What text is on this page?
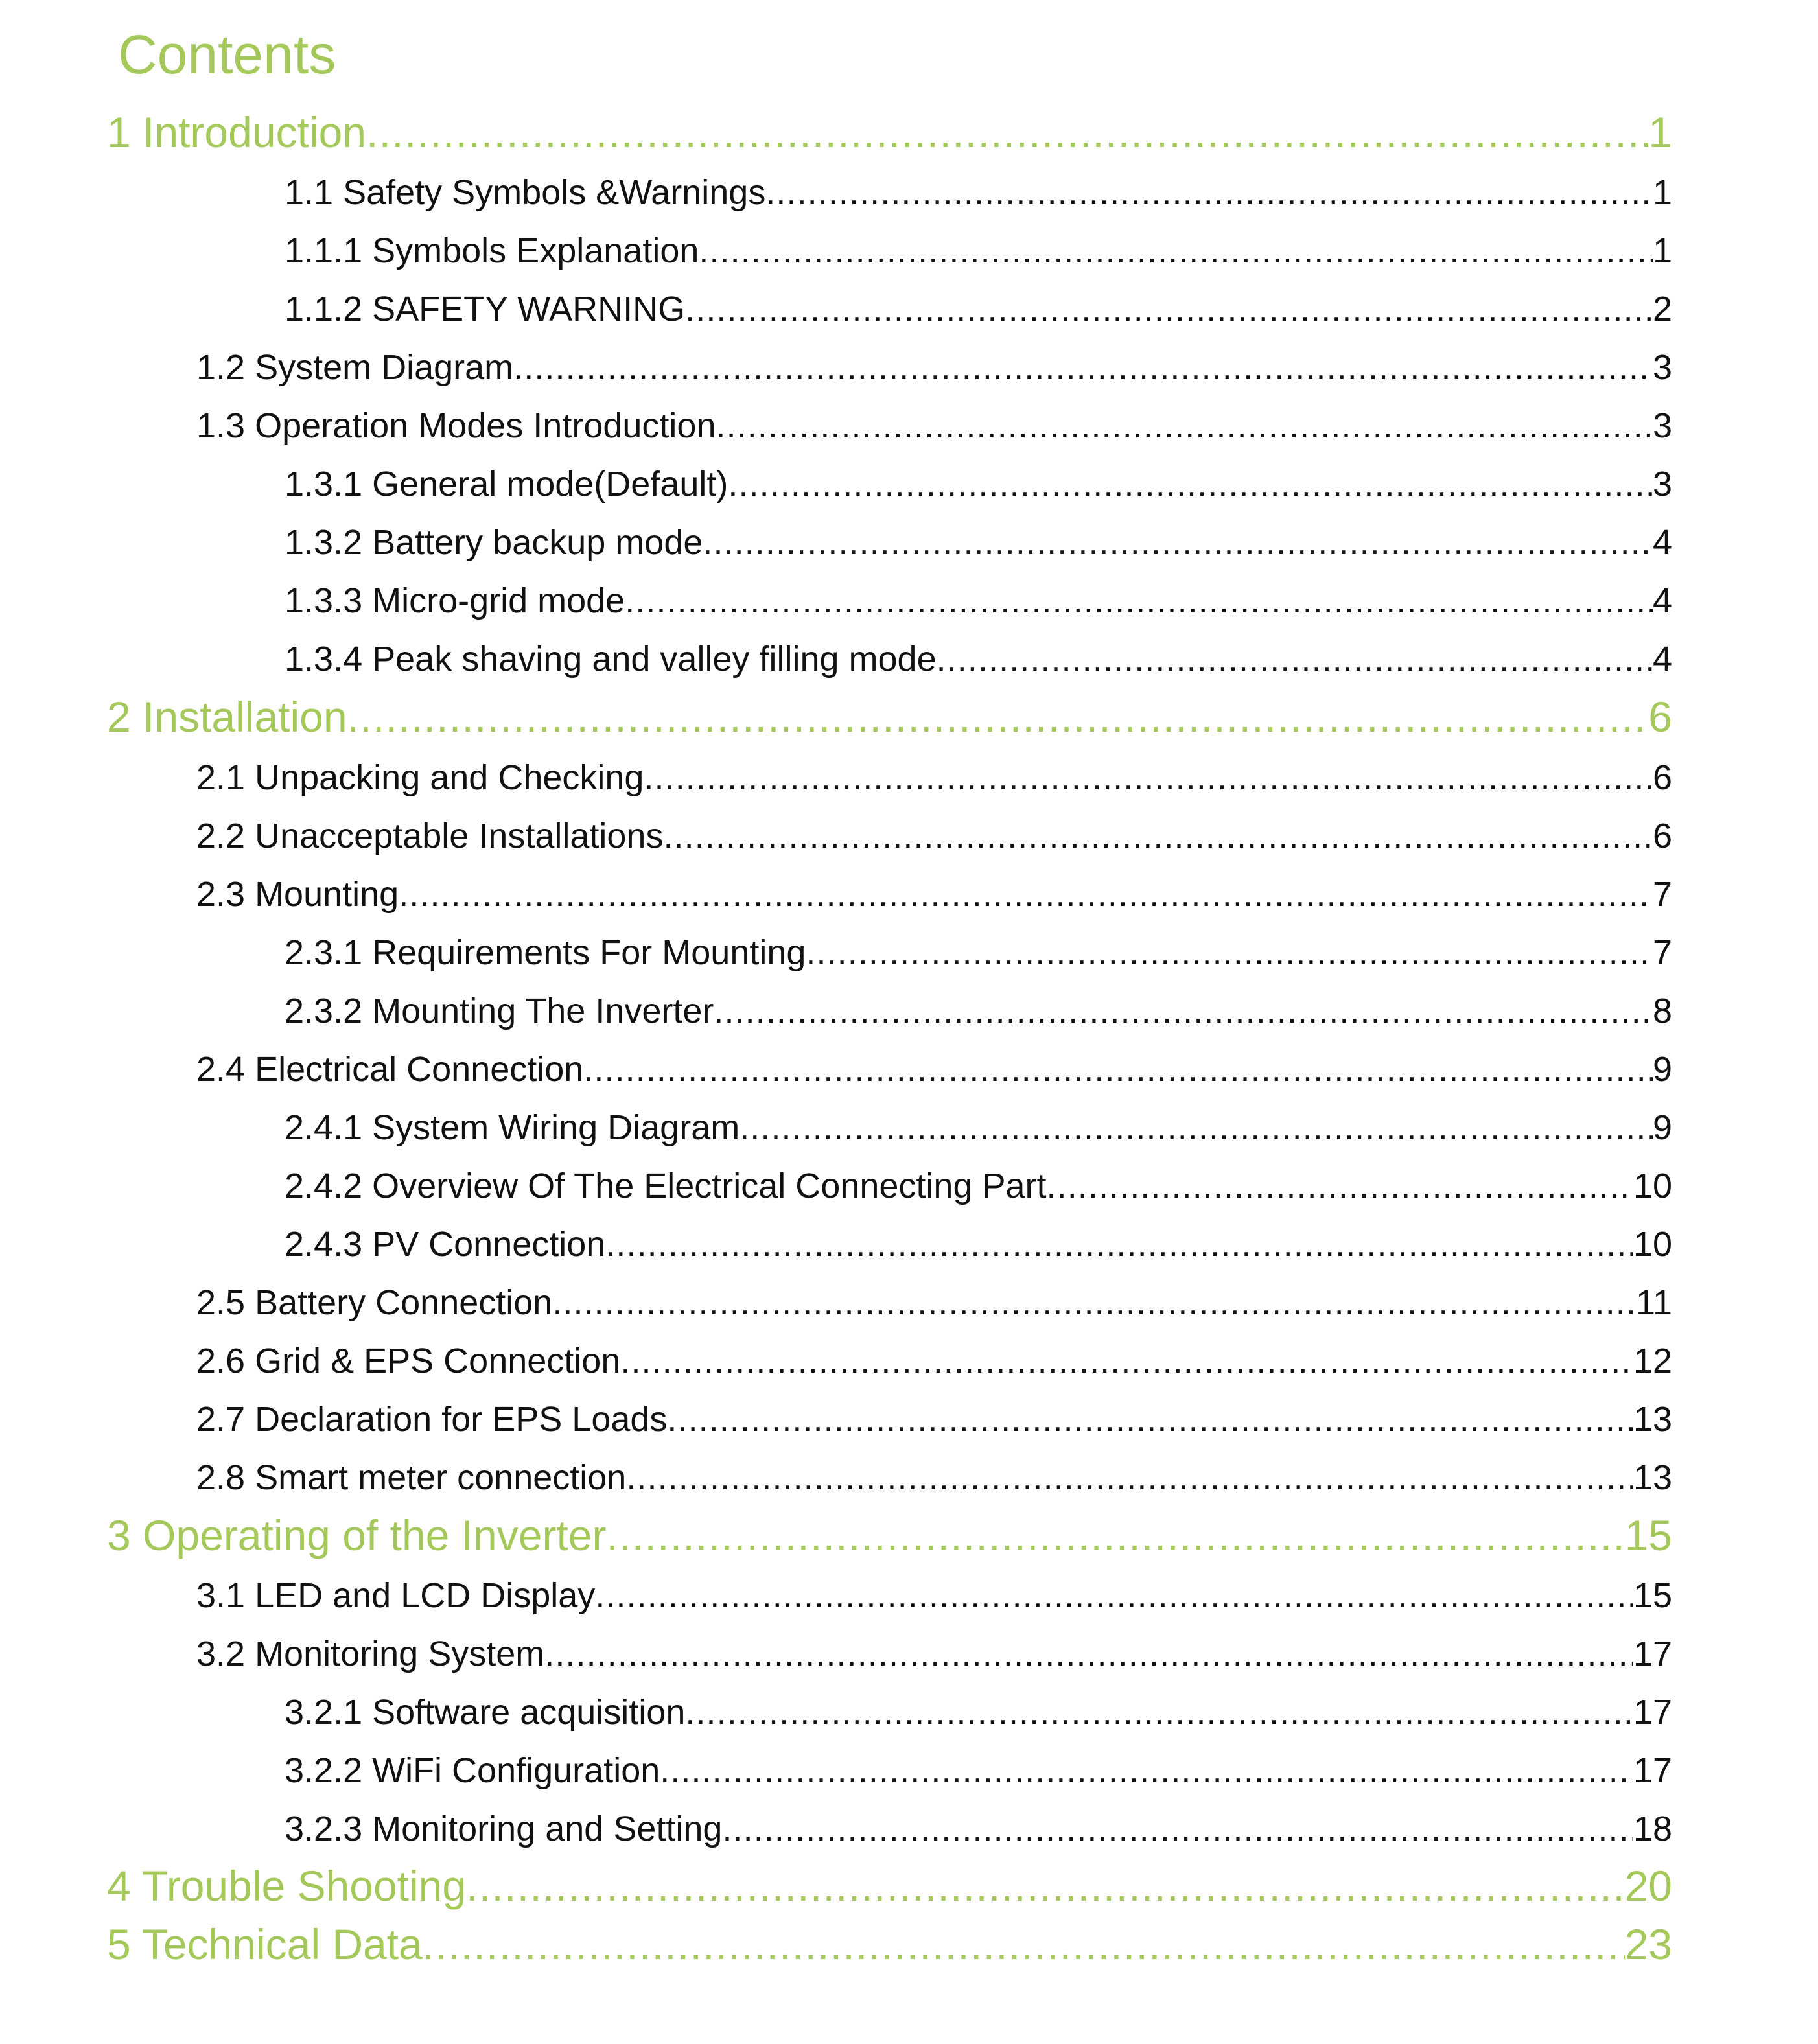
Contents
1 Introduction .....	1
1.1 Safety Symbols &Warnings .....	1
1.1.1 Symbols Explanation .....	1
1.1.2 SAFETY WARNING .....	2
1.2 System Diagram .....	3
1.3 Operation Modes Introduction .....	3
1.3.1 General mode(Default) .....	3
1.3.2 Battery backup mode .....	4
1.3.3 Micro-grid mode .....	4
1.3.4 Peak shaving and valley filling mode .....	4
2 Installation .....	6
2.1 Unpacking and Checking .....	6
2.2 Unacceptable Installations .....	6
2.3 Mounting .....	7
2.3.1 Requirements For Mounting .....	7
2.3.2 Mounting The Inverter .....	8
2.4 Electrical Connection .....	9
2.4.1 System Wiring Diagram .....	9
2.4.2 Overview Of The Electrical Connecting Part .....	10
2.4.3 PV Connection .....	10
2.5 Battery Connection .....	11
2.6 Grid & EPS Connection .....	12
2.7 Declaration for EPS Loads .....	13
2.8 Smart meter connection .....	13
3 Operating of the Inverter .....	15
3.1 LED and LCD Display .....	15
3.2 Monitoring System .....	17
3.2.1 Software acquisition .....	17
3.2.2 WiFi Configuration .....	17
3.2.3 Monitoring and Setting .....	18
4 Trouble Shooting .....	20
5 Technical Data .....	23
